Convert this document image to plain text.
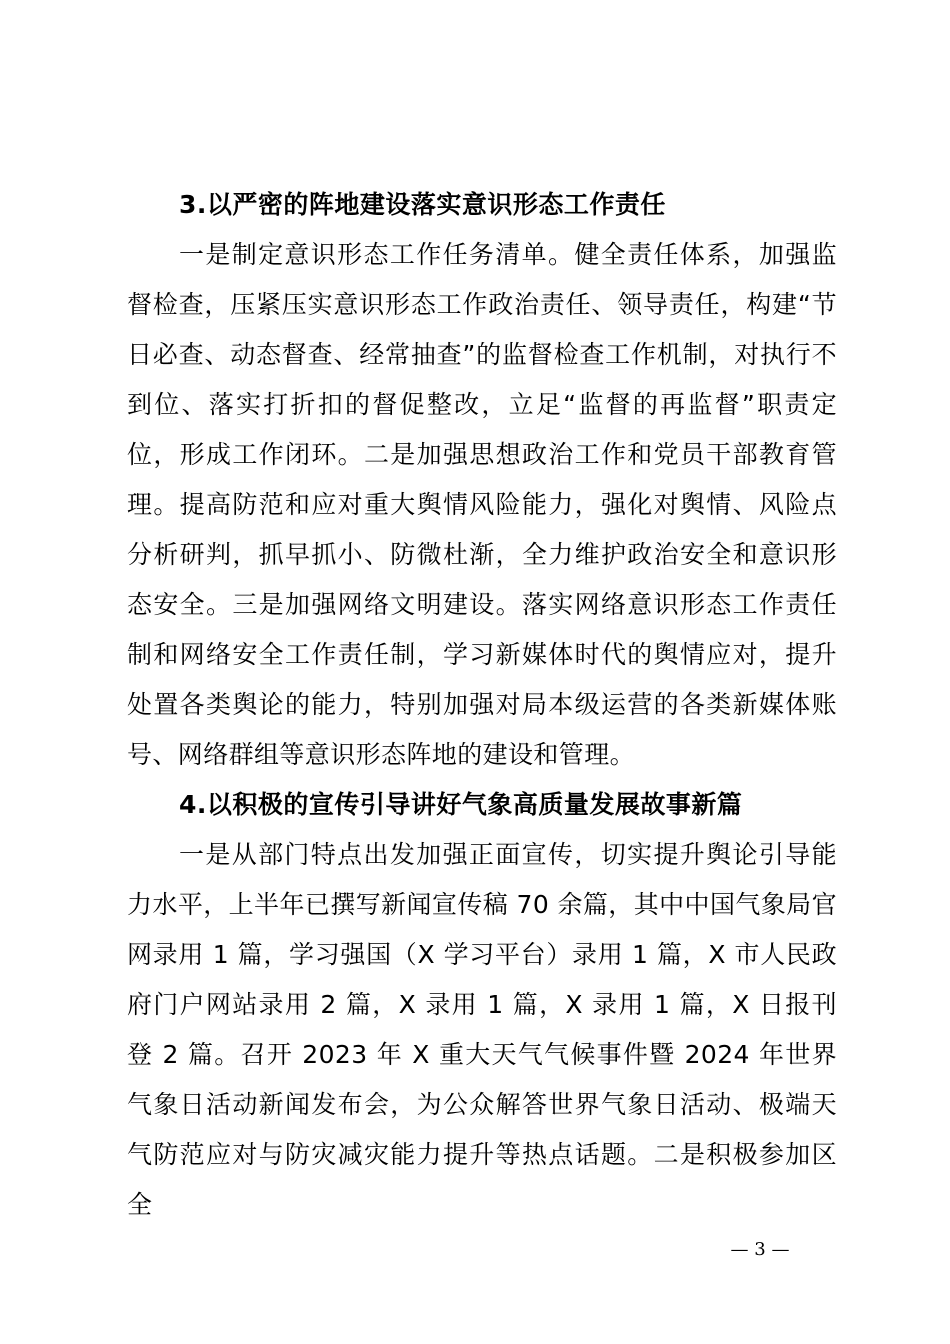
3.以严密的阵地建设落实意识形态工作责任

一是制定意识形态工作任务清单。健全责任体系，加强监督检查，压紧压实意识形态工作政治责任、领导责任，构建“节日必查、动态督查、经常抽查”的监督检查工作机制，对执行不到位、落实打折扣的督促整改，立足“监督的再监督”职责定位，形成工作闭环。二是加强思想政治工作和党员干部教育管理。提高防范和应对重大舆情风险能力，强化对舆情、风险点分析研判，抓早抓小、防微杜渐，全力维护政治安全和意识形态安全。三是加强网络文明建设。落实网络意识形态工作责任制和网络安全工作责任制，学习新媒体时代的舆情应对，提升处置各类舆论的能力，特别加强对局本级运营的各类新媒体账号、网络群组等意识形态阵地的建设和管理。

4.以积极的宣传引导讲好气象高质量发展故事新篇

一是从部门特点出发加强正面宣传，切实提升舆论引导能力水平，上半年已撰写新闻宣传稿 70 余篇，其中中国气象局官网录用 1 篇，学习强国（X 学习平台）录用 1 篇，X 市人民政府门户网站录用 2 篇，X 录用 1 篇，X 录用 1 篇，X 日报刊登 2 篇。召开 2023 年 X 重大天气气候事件暨 2024 年世界气象日活动新闻发布会，为公众解答世界气象日活动、极端天气防范应对与防灾减灾能力提升等热点话题。二是积极参加区全

— 3 —
